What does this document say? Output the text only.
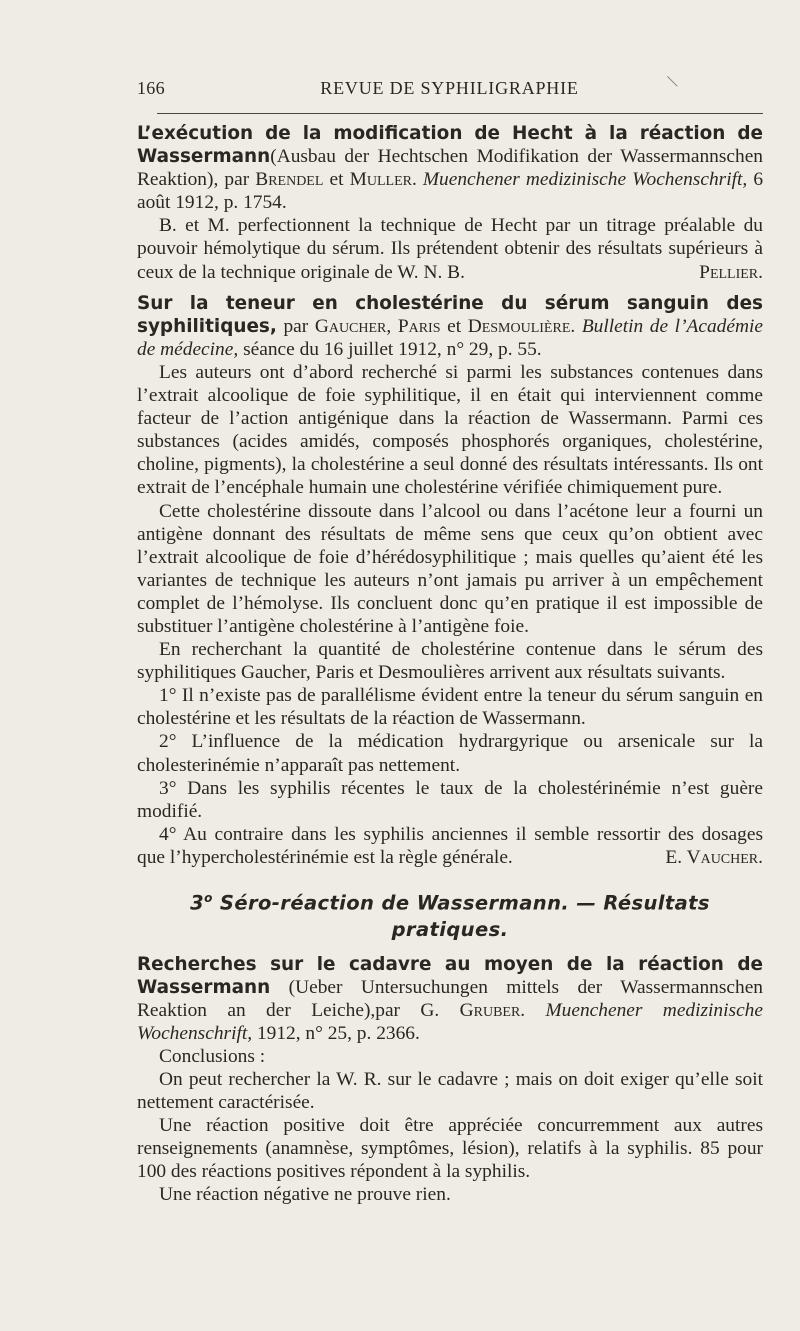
166	REVUE DE SYPHILIGRAPHIE

L’exécution de la modification de Hecht à la réaction de Wassermann(Ausbau der Hechtschen Modifikation der Wassermannschen Reaktion), par Brendel et Muller. Muenchener medizinische Wochenschrift, 6 août 1912, p. 1754.

B. et M. perfectionnent la technique de Hecht par un titrage préalable du pouvoir hémolytique du sérum. Ils prétendent obtenir des résultats supérieurs à ceux de la technique originale de W. N. B.	Pellier.

Sur la teneur en cholestérine du sérum sanguin des syphilitiques, par Gaucher, Paris et Desmoulière. Bulletin de l’Académie de médecine, séance du 16 juillet 1912, n° 29, p. 55.

Les auteurs ont d’abord recherché si parmi les substances contenues dans l’extrait alcoolique de foie syphilitique, il en était qui interviennent comme facteur de l’action antigénique dans la réaction de Wassermann. Parmi ces substances (acides amidés, composés phosphorés organiques, cholestérine, choline, pigments), la cholestérine a seul donné des résultats intéressants. Ils ont extrait de l’encéphale humain une cholestérine vérifiée chimiquement pure.

Cette cholestérine dissoute dans l’alcool ou dans l’acétone leur a fourni un antigène donnant des résultats de même sens que ceux qu’on obtient avec l’extrait alcoolique de foie d’hérédosyphilitique ; mais quelles qu’aient été les variantes de technique les auteurs n’ont jamais pu arriver à un empêchement complet de l’hémolyse. Ils concluent donc qu’en pratique il est impossible de substituer l’antigène cholestérine à l’antigène foie.

En recherchant la quantité de cholestérine contenue dans le sérum des syphilitiques Gaucher, Paris et Desmoulières arrivent aux résultats suivants.

1° Il n’existe pas de parallélisme évident entre la teneur du sérum sanguin en cholestérine et les résultats de la réaction de Wassermann.

2° L’influence de la médication hydrargyrique ou arsenicale sur la cholesterinémie n’apparaît pas nettement.

3° Dans les syphilis récentes le taux de la cholestérinémie n’est guère modifié.

4° Au contraire dans les syphilis anciennes il semble ressortir des dosages que l’hypercholestérinémie est la règle générale.	E. Vaucher.

3$^o$ Séro-réaction de Wassermann. — Résultats pratiques.

Recherches sur le cadavre au moyen de la réaction de Wassermann (Ueber Untersuchungen mittels der Wassermannschen Reaktion an der Leiche),par G. Gruber. Muenchener medizinische Wochenschrift, 1912, n° 25, p. 2366.

Conclusions :

On peut rechercher la W. R. sur le cadavre ; mais on doit exiger qu’elle soit nettement caractérisée.

Une réaction positive doit être appréciée concurremment aux autres renseignements (anamnèse, symptômes, lésion), relatifs à la syphilis. 85 pour 100 des réactions positives répondent à la syphilis.

Une réaction négative ne prouve rien.
